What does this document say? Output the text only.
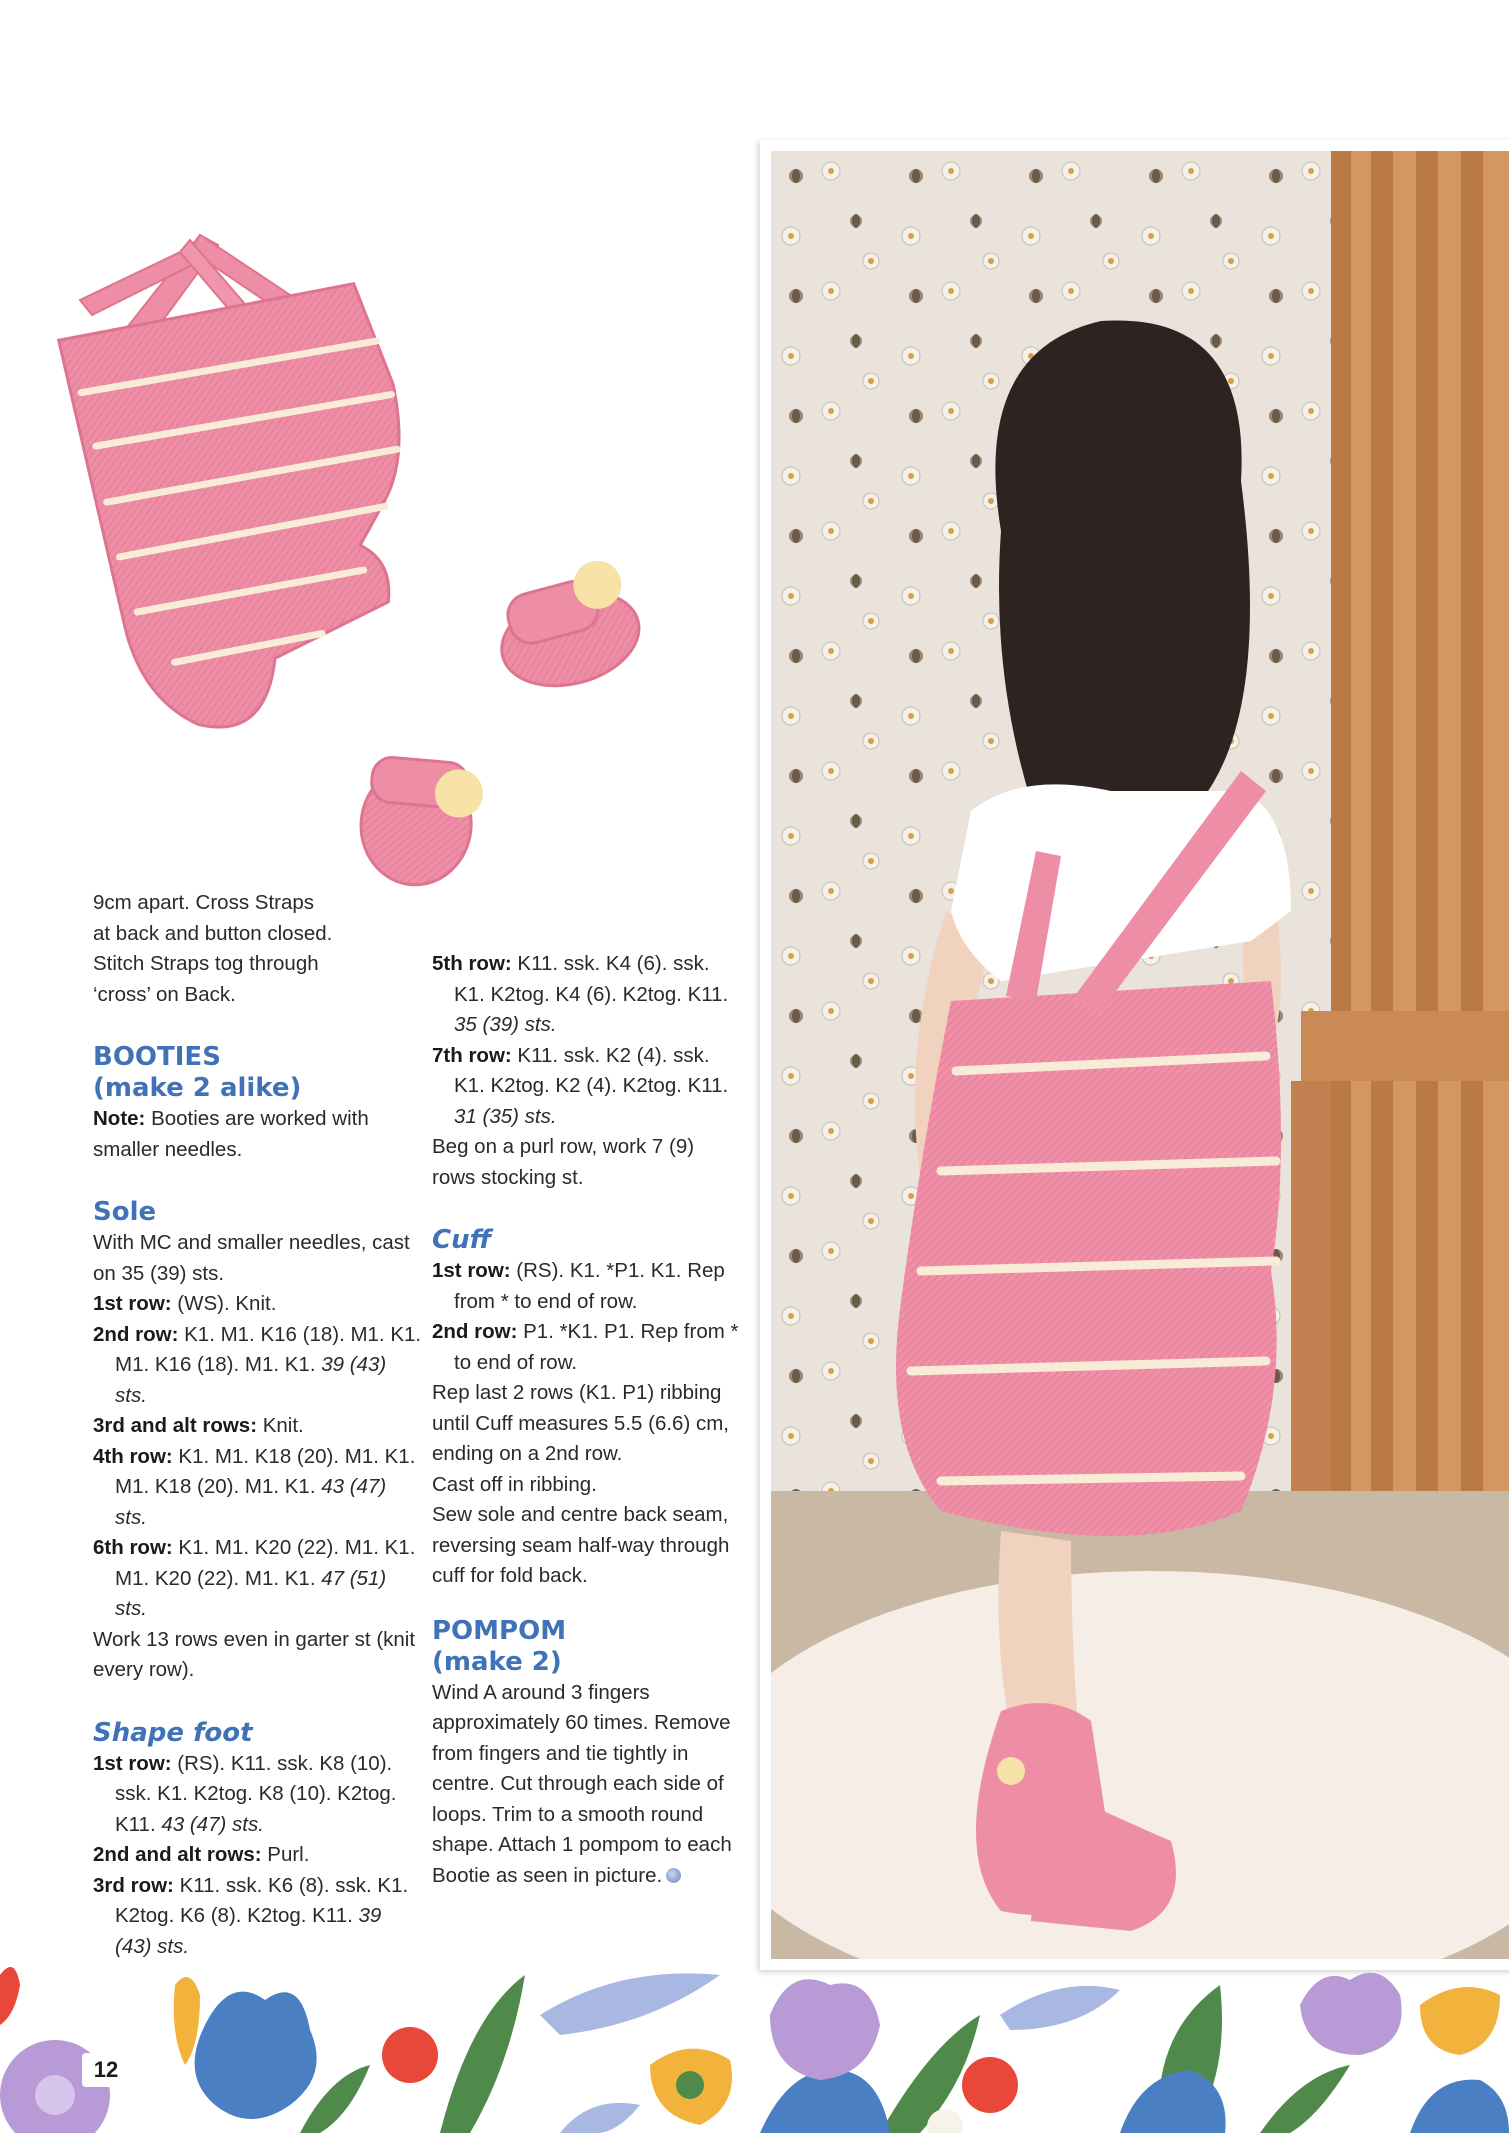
9cm apart. Cross Straps

at back and button closed.

Stitch Straps tog through

‘cross’ on Back.

BOOTIES

(make 2 alike)

Note: Booties are worked with smaller needles.

Sole

With MC and smaller needles, cast on 35 (39) sts.

1st row: (WS). Knit.

2nd row: K1. M1. K16 (18). M1. K1. M1. K16 (18). M1. K1. 39 (43) sts.

3rd and alt rows: Knit.

4th row: K1. M1. K18 (20). M1. K1. M1. K18 (20). M1. K1. 43 (47) sts.

6th row: K1. M1. K20 (22). M1. K1. M1. K20 (22). M1. K1. 47 (51) sts.

Work 13 rows even in garter st (knit every row).

Shape foot

1st row: (RS). K11. ssk. K8 (10). ssk. K1. K2tog. K8 (10). K2tog. K11. 43 (47) sts.

2nd and alt rows: Purl.

3rd row: K11. ssk. K6 (8). ssk. K1. K2tog. K6 (8). K2tog. K11. 39 (43) sts.

5th row: K11. ssk. K4 (6). ssk. K1. K2tog. K4 (6). K2tog. K11. 35 (39) sts.

7th row: K11. ssk. K2 (4). ssk. K1. K2tog. K2 (4). K2tog. K11. 31 (35) sts.

Beg on a purl row, work 7 (9) rows stocking st.

Cuff

1st row: (RS). K1. *P1. K1. Rep from * to end of row.

2nd row: P1. *K1. P1. Rep from * to end of row.

Rep last 2 rows (K1. P1) ribbing until Cuff measures 5.5 (6.6) cm, ending on a 2nd row.

Cast off in ribbing.

Sew sole and centre back seam, reversing seam half-way through cuff for fold back.

POMPOM

(make 2)

Wind A around 3 fingers approximately 60 times. Remove from fingers and tie tightly in centre. Cut through each side of loops. Trim to a smooth round shape. Attach 1 pompom to each Bootie as seen in picture.

12
